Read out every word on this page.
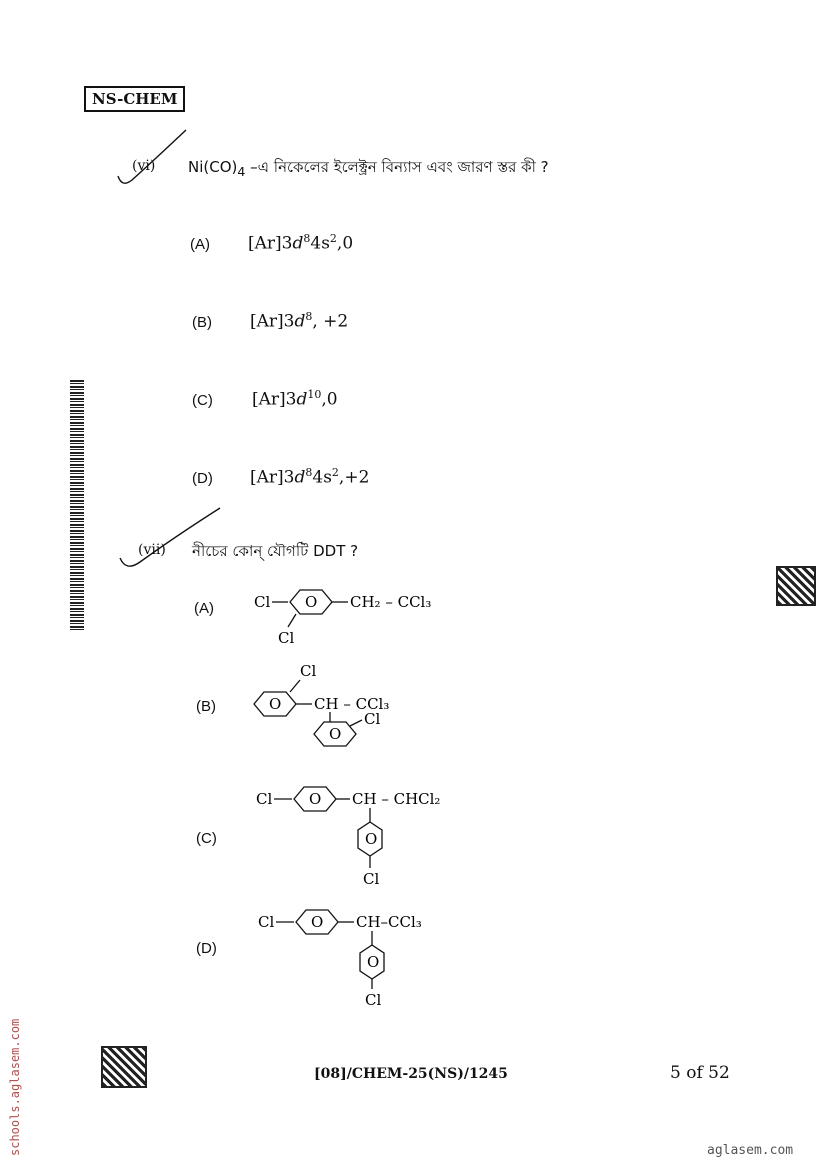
NS-CHEM
(vi) $Ni(CO)_4$ –এ নিকেলের ইলেক্ট্রন বিন্যাস এবং জারণ স্তর কী ?
(A) $[Ar]3d^84s^2,0$
(B) $[Ar]3d^8$, +2
(C) $[Ar]3d^{10},0$
(D) $[Ar]3d^84s^2,+2$
(vii) নীচের কোন্ যৌগটি DDT ?
(A)	Cl O CH₂ – CCl₃
Cl
(B)
Cl
O CH – CCl₃
O
Cl
(C)
Cl O CH – CHCl₂
O
Cl
(D)
Cl O CH–CCl₃
O
Cl
[08]/CHEM-25(NS)/1245	5 of 52
schools.aglasem.com	aglasem.com
